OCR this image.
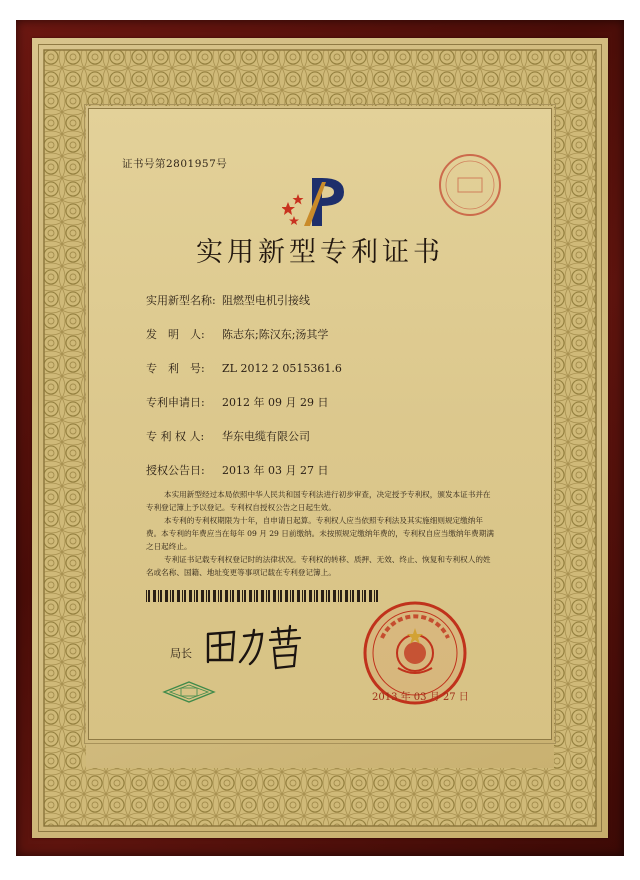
证书号第2801957号
实用新型专利证书
实用新型名称: 阻燃型电机引接线
发　明　人: 陈志东;陈汉东;汤其学
专　利　号: ZL 2012 2 0515361.6
专利申请日: 2012 年 09 月 29 日
专 利 权 人: 华东电缆有限公司
授权公告日: 2013 年 03 月 27 日
本实用新型经过本局依照中华人民共和国专利法进行初步审查，决定授予专利权，颁发本证书并在专利登记簿上予以登记。专利权自授权公告之日起生效。
本专利的专利权期限为十年，自申请日起算。专利权人应当依照专利法及其实施细则规定缴纳年费。本专利的年费应当在每年 09 月 29 日前缴纳。未按照规定缴纳年费的，专利权自应当缴纳年费期满之日起终止。
专利证书记载专利权登记时的法律状况。专利权的转移、质押、无效、终止、恢复和专利权人的姓名或名称、国籍、地址变更等事项记载在专利登记簿上。
局长
2013 年 03 月 27 日
